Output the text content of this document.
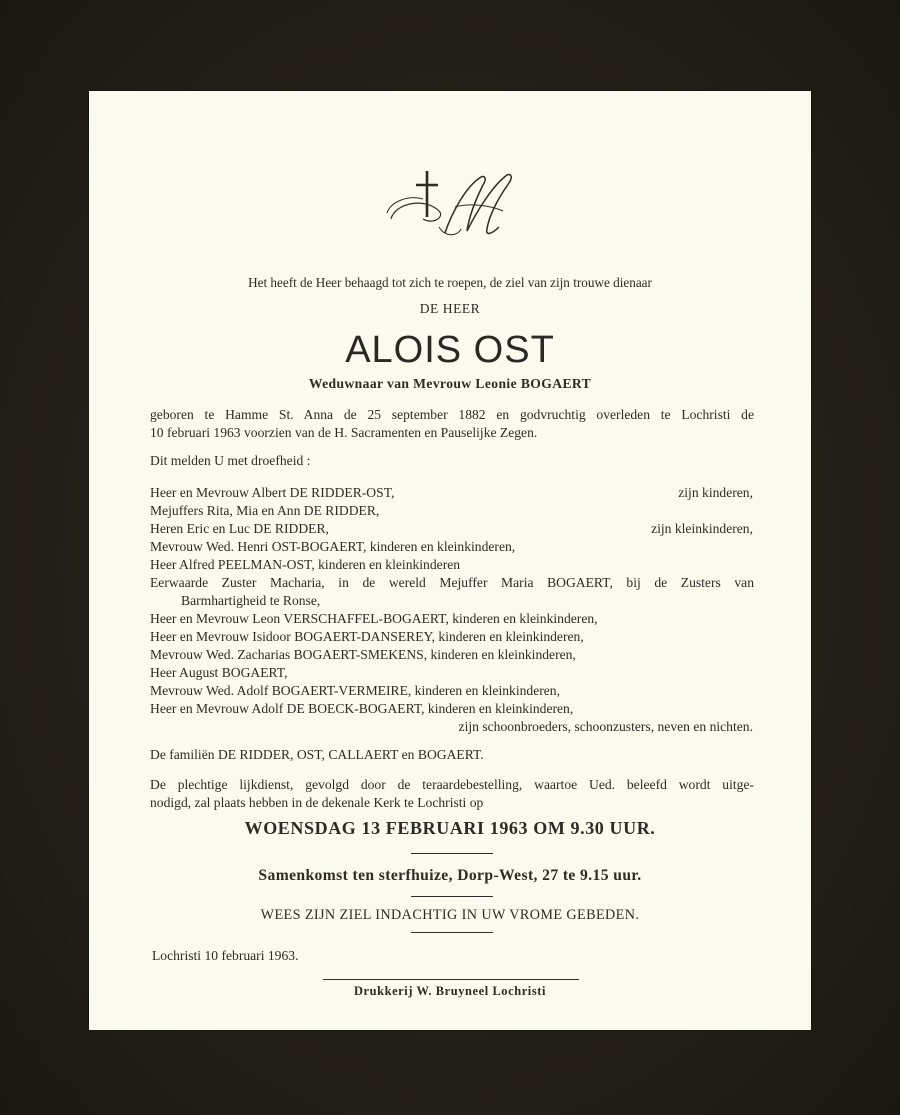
Het heeft de Heer behaagd tot zich te roepen, de ziel van zijn trouwe dienaar
DE HEER
ALOIS OST
Weduwnaar van Mevrouw Leonie BOGAERT
geboren te Hamme St. Anna de 25 september 1882 en godvruchtig overleden te Lochristi de
10 februari 1963 voorzien van de H. Sacramenten en Pauselijke Zegen.
Dit melden U met droefheid :
Heer en Mevrouw Albert DE RIDDER-OST,	zijn kinderen,
Mejuffers Rita, Mia en Ann DE RIDDER,
Heren Eric en Luc DE RIDDER,	zijn kleinkinderen,
Mevrouw Wed. Henri OST-BOGAERT, kinderen en kleinkinderen,
Heer Alfred PEELMAN-OST, kinderen en kleinkinderen
Eerwaarde Zuster Macharia, in de wereld Mejuffer Maria BOGAERT, bij de Zusters van
Barmhartigheid te Ronse,
Heer en Mevrouw Leon VERSCHAFFEL-BOGAERT, kinderen en kleinkinderen,
Heer en Mevrouw Isidoor BOGAERT-DANSEREY, kinderen en kleinkinderen,
Mevrouw Wed. Zacharias BOGAERT-SMEKENS, kinderen en kleinkinderen,
Heer August BOGAERT,
Mevrouw Wed. Adolf BOGAERT-VERMEIRE, kinderen en kleinkinderen,
Heer en Mevrouw Adolf DE BOECK-BOGAERT, kinderen en kleinkinderen,
zijn schoonbroeders, schoonzusters, neven en nichten.
De familiën DE RIDDER, OST, CALLAERT en BOGAERT.
De plechtige lijkdienst, gevolgd door de teraardebestelling, waartoe Ued. beleefd wordt uitge-
nodigd, zal plaats hebben in de dekenale Kerk te Lochristi op
WOENSDAG 13 FEBRUARI 1963 OM 9.30 UUR.
Samenkomst ten sterfhuize, Dorp-West, 27 te 9.15 uur.
WEES ZIJN ZIEL INDACHTIG IN UW VROME GEBEDEN.
Lochristi 10 februari 1963.
Drukkerij W. Bruyneel Lochristi
